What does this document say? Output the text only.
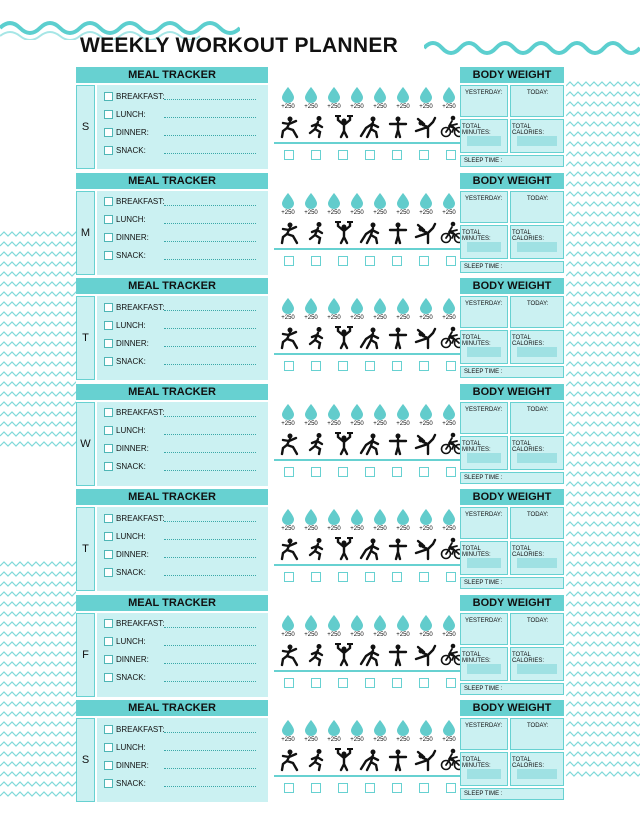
WEEKLY WORKOUT PLANNER
MEAL TRACKER	BODY WEIGHT
S
BREAKFAST:
LUNCH:
DINNER:
SNACK:
+250 +250 +250 +250 +250 +250 +250 +250
YESTERDAY:	TODAY:
TOTAL MINUTES:
TOTAL CALORIES:
SLEEP TIME :
MEAL TRACKER	BODY WEIGHT
M
BREAKFAST:
LUNCH:
DINNER:
SNACK:
+250 +250 +250 +250 +250 +250 +250 +250
YESTERDAY:	TODAY:
TOTAL MINUTES:
TOTAL CALORIES:
SLEEP TIME :
MEAL TRACKER	BODY WEIGHT
T
BREAKFAST:
LUNCH:
DINNER:
SNACK:
+250 +250 +250 +250 +250 +250 +250 +250
YESTERDAY:	TODAY:
TOTAL MINUTES:
TOTAL CALORIES:
SLEEP TIME :
MEAL TRACKER	BODY WEIGHT
W
BREAKFAST:
LUNCH:
DINNER:
SNACK:
+250 +250 +250 +250 +250 +250 +250 +250
YESTERDAY:	TODAY:
TOTAL MINUTES:
TOTAL CALORIES:
SLEEP TIME :
MEAL TRACKER	BODY WEIGHT
T
BREAKFAST:
LUNCH:
DINNER:
SNACK:
+250 +250 +250 +250 +250 +250 +250 +250
YESTERDAY:	TODAY:
TOTAL MINUTES:
TOTAL CALORIES:
SLEEP TIME :
MEAL TRACKER	BODY WEIGHT
F
BREAKFAST:
LUNCH:
DINNER:
SNACK:
+250 +250 +250 +250 +250 +250 +250 +250
YESTERDAY:	TODAY:
TOTAL MINUTES:
TOTAL CALORIES:
SLEEP TIME :
MEAL TRACKER	BODY WEIGHT
S
BREAKFAST:
LUNCH:
DINNER:
SNACK:
+250 +250 +250 +250 +250 +250 +250 +250
YESTERDAY:	TODAY:
TOTAL MINUTES:
TOTAL CALORIES:
SLEEP TIME :
